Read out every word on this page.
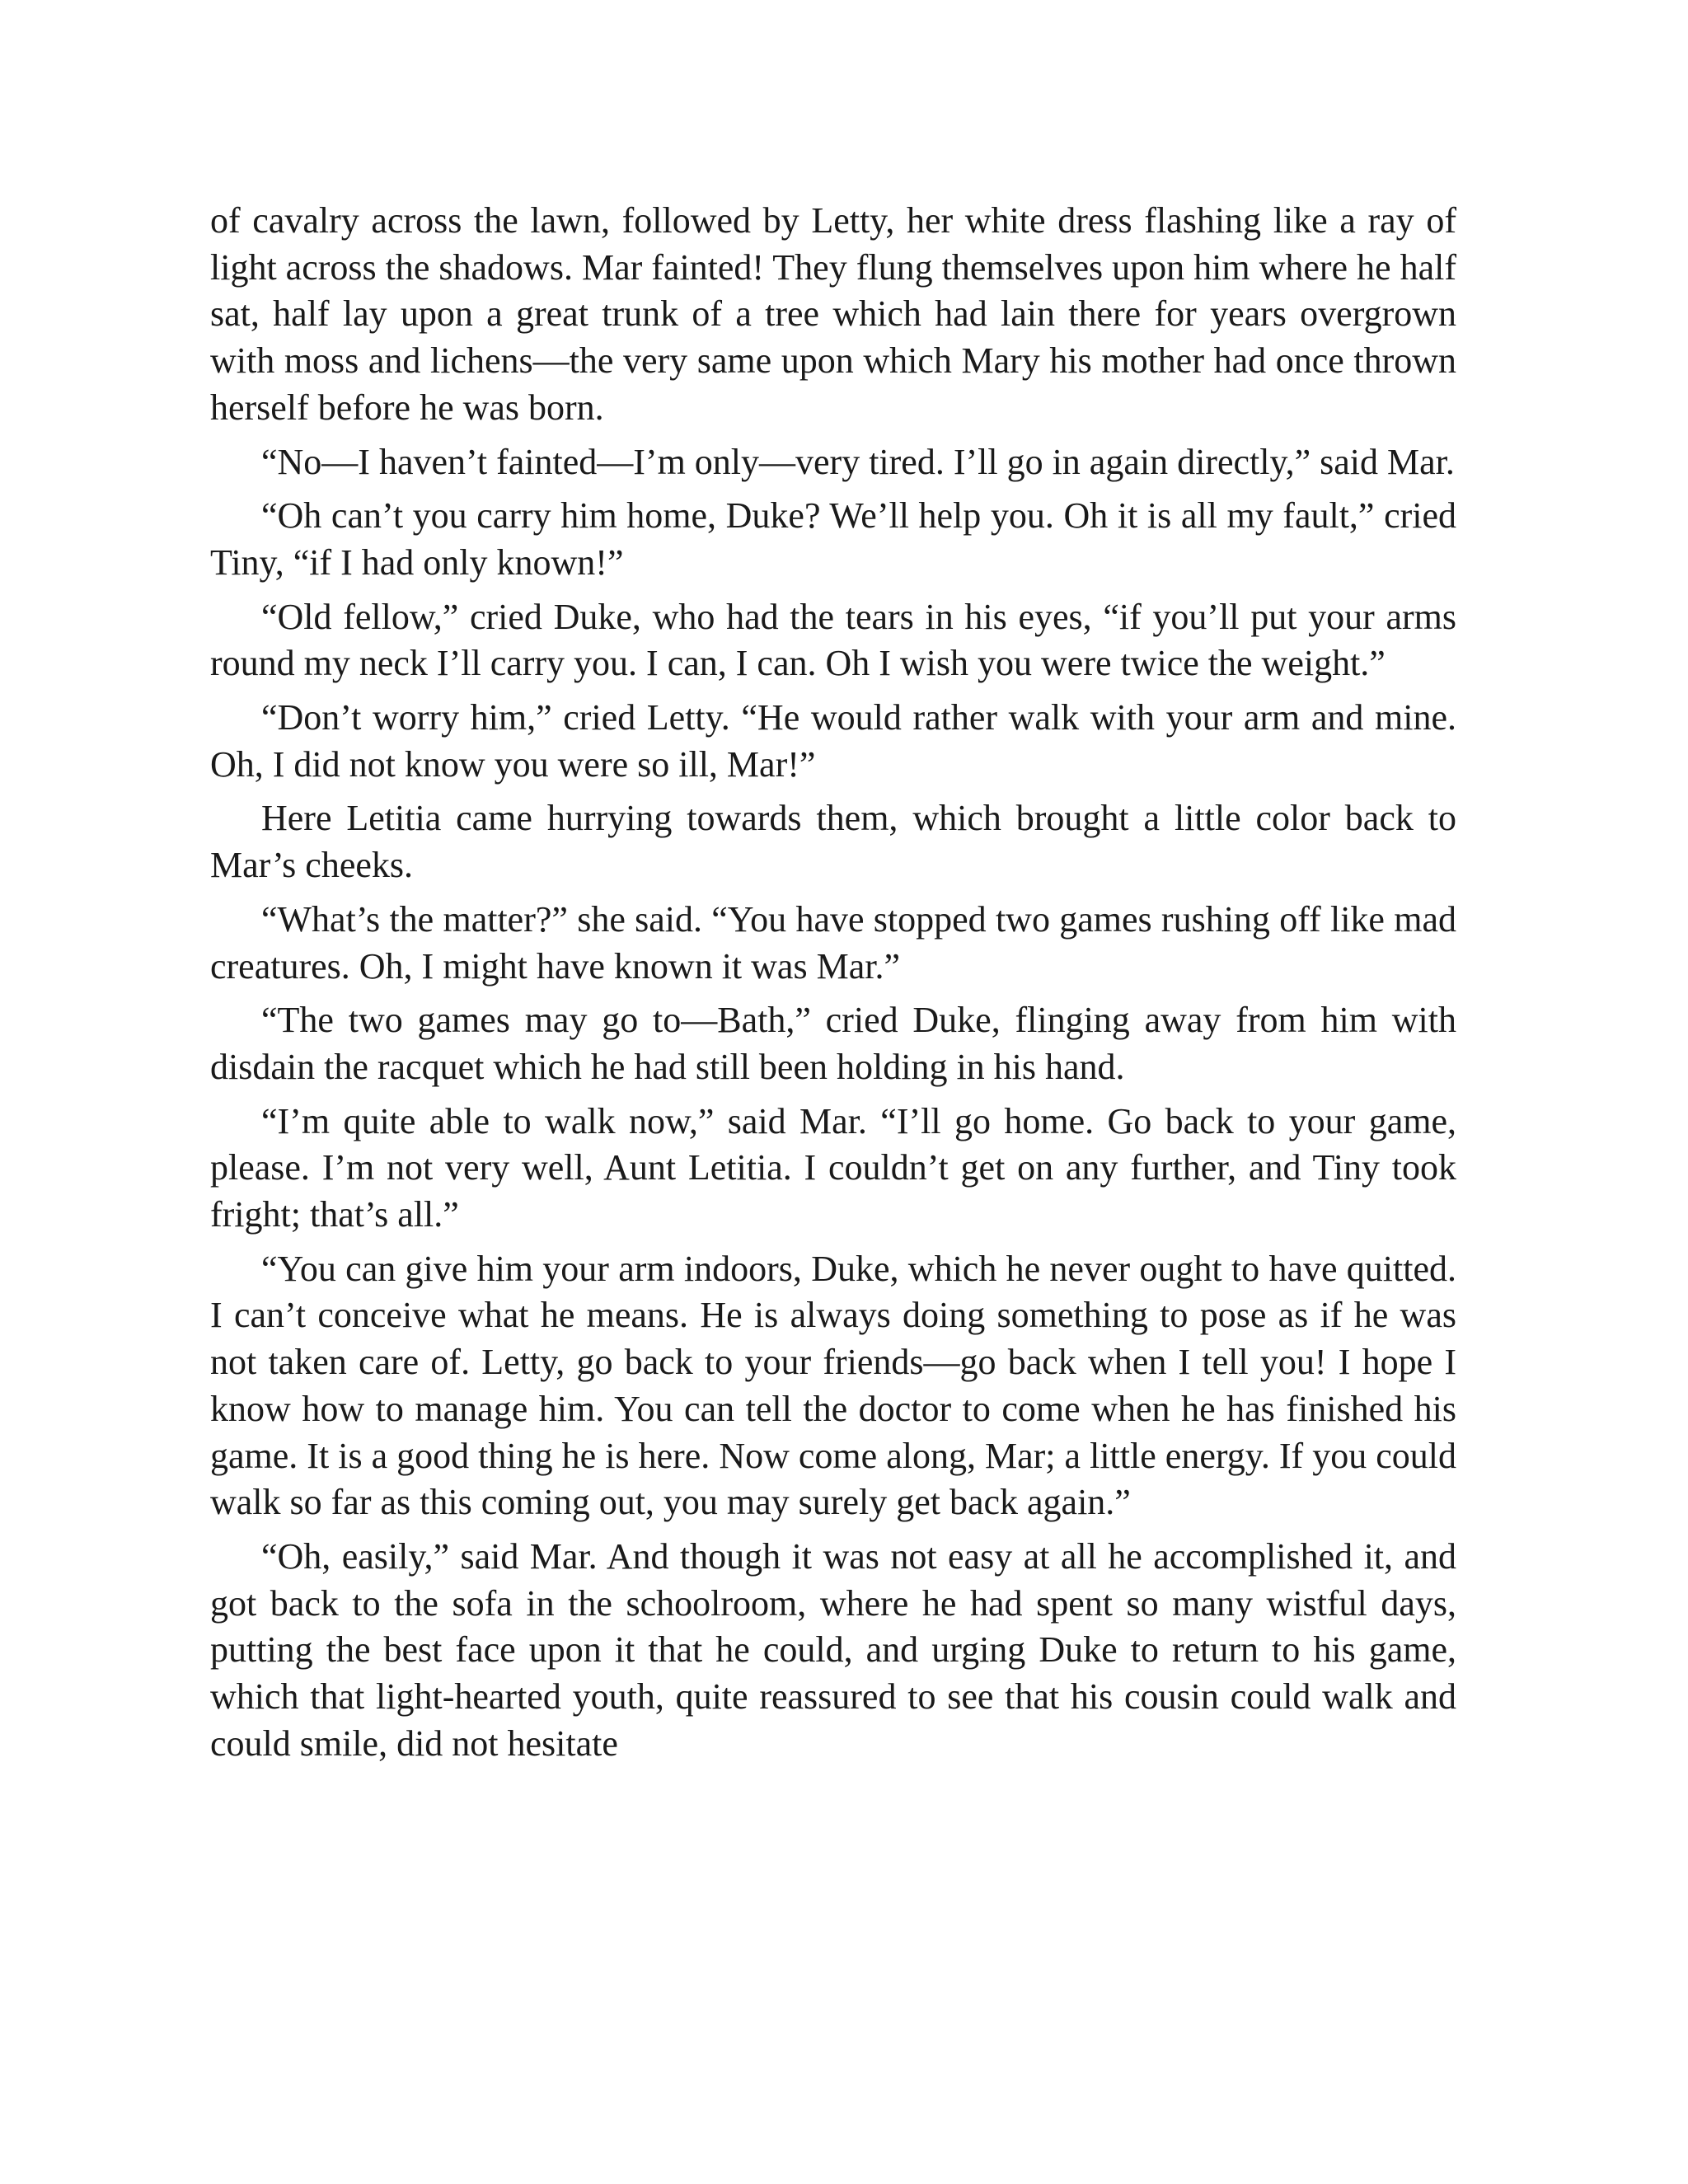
of cavalry across the lawn, followed by Letty, her white dress flashing like a ray of light across the shadows. Mar fainted! They flung themselves upon him where he half sat, half lay upon a great trunk of a tree which had lain there for years overgrown with moss and lichens—the very same upon which Mary his mother had once thrown herself before he was born.

“No—I haven’t fainted—I’m only—very tired. I’ll go in again directly,” said Mar.

“Oh can’t you carry him home, Duke? We’ll help you. Oh it is all my fault,” cried Tiny, “if I had only known!”

“Old fellow,” cried Duke, who had the tears in his eyes, “if you’ll put your arms round my neck I’ll carry you. I can, I can. Oh I wish you were twice the weight.”

“Don’t worry him,” cried Letty. “He would rather walk with your arm and mine. Oh, I did not know you were so ill, Mar!”

Here Letitia came hurrying towards them, which brought a little color back to Mar’s cheeks.

“What’s the matter?” she said. “You have stopped two games rushing off like mad creatures. Oh, I might have known it was Mar.”

“The two games may go to—Bath,” cried Duke, flinging away from him with disdain the racquet which he had still been holding in his hand.

“I’m quite able to walk now,” said Mar. “I’ll go home. Go back to your game, please. I’m not very well, Aunt Letitia. I couldn’t get on any further, and Tiny took fright; that’s all.”

“You can give him your arm indoors, Duke, which he never ought to have quitted. I can’t conceive what he means. He is always doing something to pose as if he was not taken care of. Letty, go back to your friends—go back when I tell you! I hope I know how to manage him. You can tell the doctor to come when he has finished his game. It is a good thing he is here. Now come along, Mar; a little energy. If you could walk so far as this coming out, you may surely get back again.”

“Oh, easily,” said Mar. And though it was not easy at all he accomplished it, and got back to the sofa in the schoolroom, where he had spent so many wistful days, putting the best face upon it that he could, and urging Duke to return to his game, which that light-hearted youth, quite reassured to see that his cousin could walk and could smile, did not hesitate
